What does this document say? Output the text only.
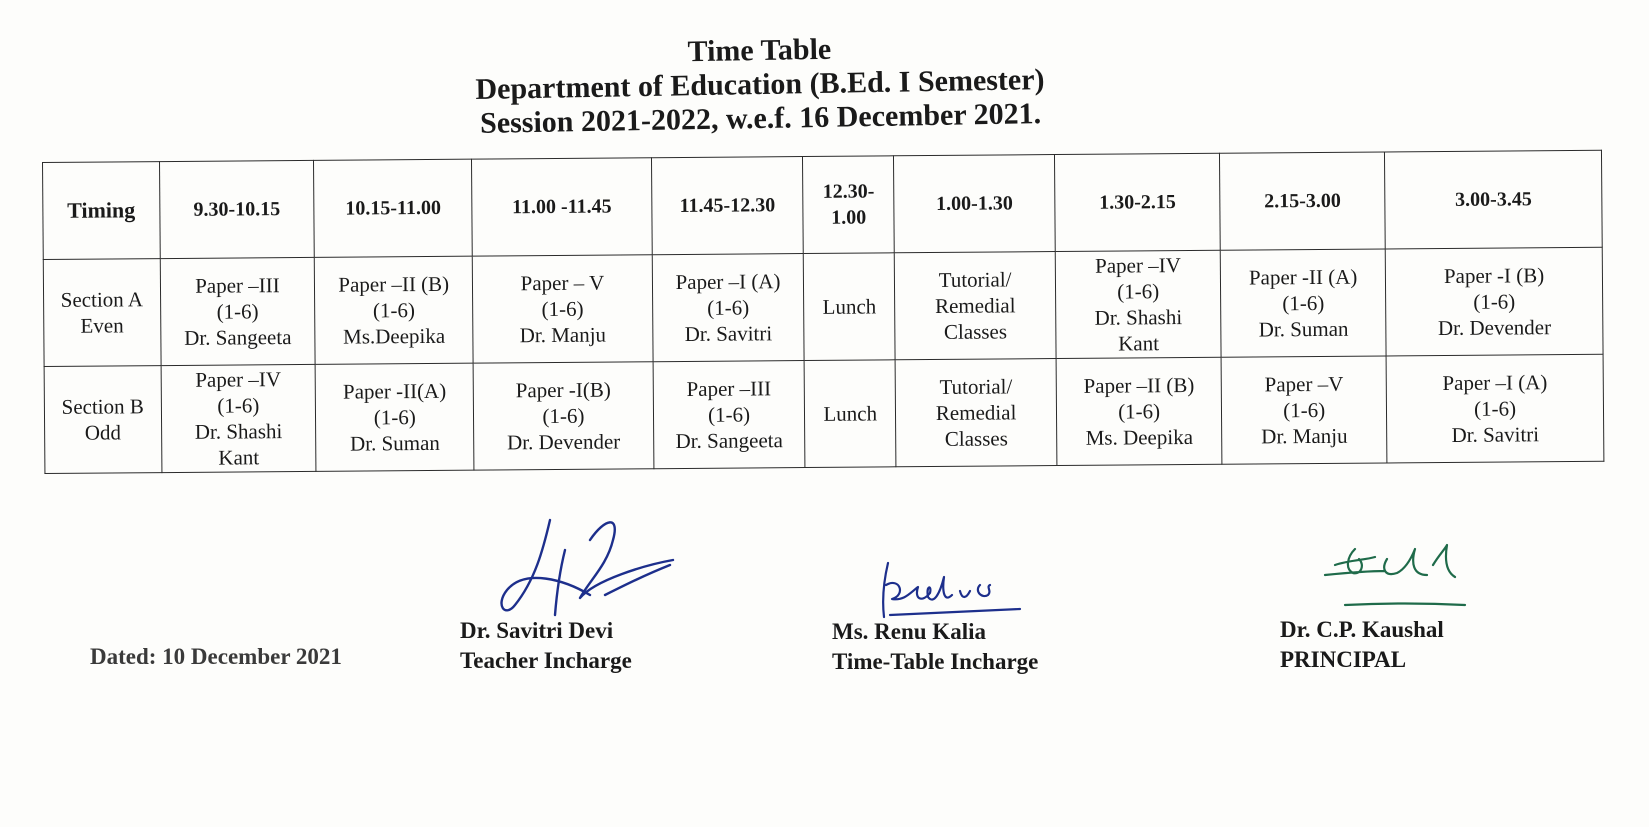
Time Table
Department of Education (B.Ed. I Semester)
Session 2021-2022, w.e.f. 16 December 2021.
Timing	9.30-10.15	10.15-11.00	11.00 -11.45	11.45-12.30	12.30-1.00	1.00-1.30	1.30-2.15	2.15-3.00	3.00-3.45

Section A
Even	Paper –III
(1-6)
Dr. Sangeeta	Paper –II (B)
(1-6)
Ms.Deepika	Paper – V
(1-6)
Dr. Manju	Paper –I (A)
(1-6)
Dr. Savitri	Lunch	Tutorial/
Remedial
Classes	Paper –IV
(1-6)
Dr. Shashi
Kant	Paper -II (A)
(1-6)
Dr. Suman	Paper -I (B)
(1-6)
Dr. Devender

Section B
Odd	Paper –IV
(1-6)
Dr. Shashi
Kant	Paper -II(A)
(1-6)
Dr. Suman	Paper -I(B)
(1-6)
Dr. Devender	Paper –III
(1-6)
Dr. Sangeeta	Lunch	Tutorial/
Remedial
Classes	Paper –II (B)
(1-6)
Ms. Deepika	Paper –V
(1-6)
Dr. Manju	Paper –I (A)
(1-6)
Dr. Savitri
Dated: 10 December 2021
Dr. Savitri Devi
Teacher Incharge
Ms. Renu Kalia
Time-Table Incharge
Dr. C.P. Kaushal
PRINCIPAL
